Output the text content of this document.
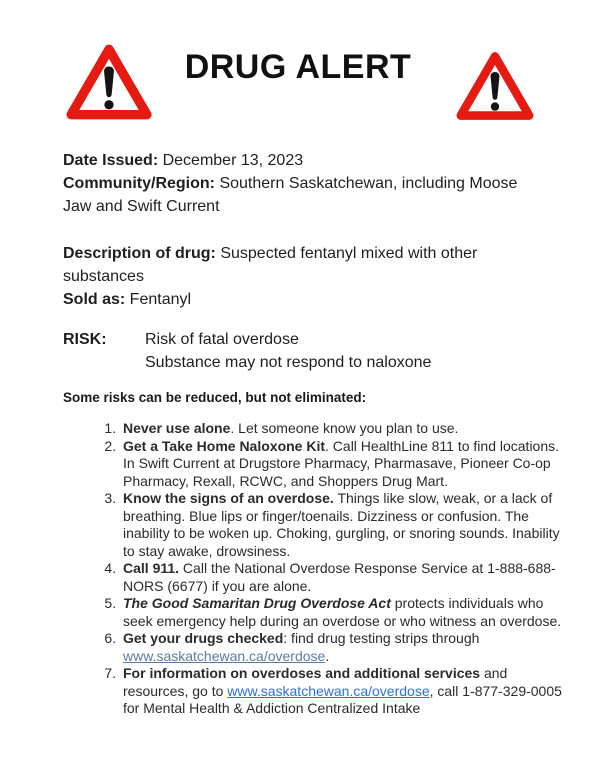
DRUG ALERT

Date Issued: December 13, 2023

Community/Region: Southern Saskatchewan, including Moose Jaw and Swift Current

Description of drug: Suspected fentanyl mixed with other substances

Sold as: Fentanyl

RISK:	Risk of fatal overdose

Substance may not respond to naloxone

Some risks can be reduced, but not eliminated:

1. Never use alone. Let someone know you plan to use.
2. Get a Take Home Naloxone Kit. Call HealthLine 811 to find locations. In Swift Current at Drugstore Pharmacy, Pharmasave, Pioneer Co-op Pharmacy, Rexall, RCWC, and Shoppers Drug Mart.
3. Know the signs of an overdose. Things like slow, weak, or a lack of breathing. Blue lips or finger/toenails. Dizziness or confusion. The inability to be woken up. Choking, gurgling, or snoring sounds. Inability to stay awake, drowsiness.
4. Call 911. Call the National Overdose Response Service at 1-888-688-NORS (6677) if you are alone.
5. The Good Samaritan Drug Overdose Act protects individuals who seek emergency help during an overdose or who witness an overdose.
6. Get your drugs checked: find drug testing strips through www.saskatchewan.ca/overdose.
7. For information on overdoses and additional services and resources, go to www.saskatchewan.ca/overdose, call 1-877-329-0005 for Mental Health & Addiction Centralized Intake
